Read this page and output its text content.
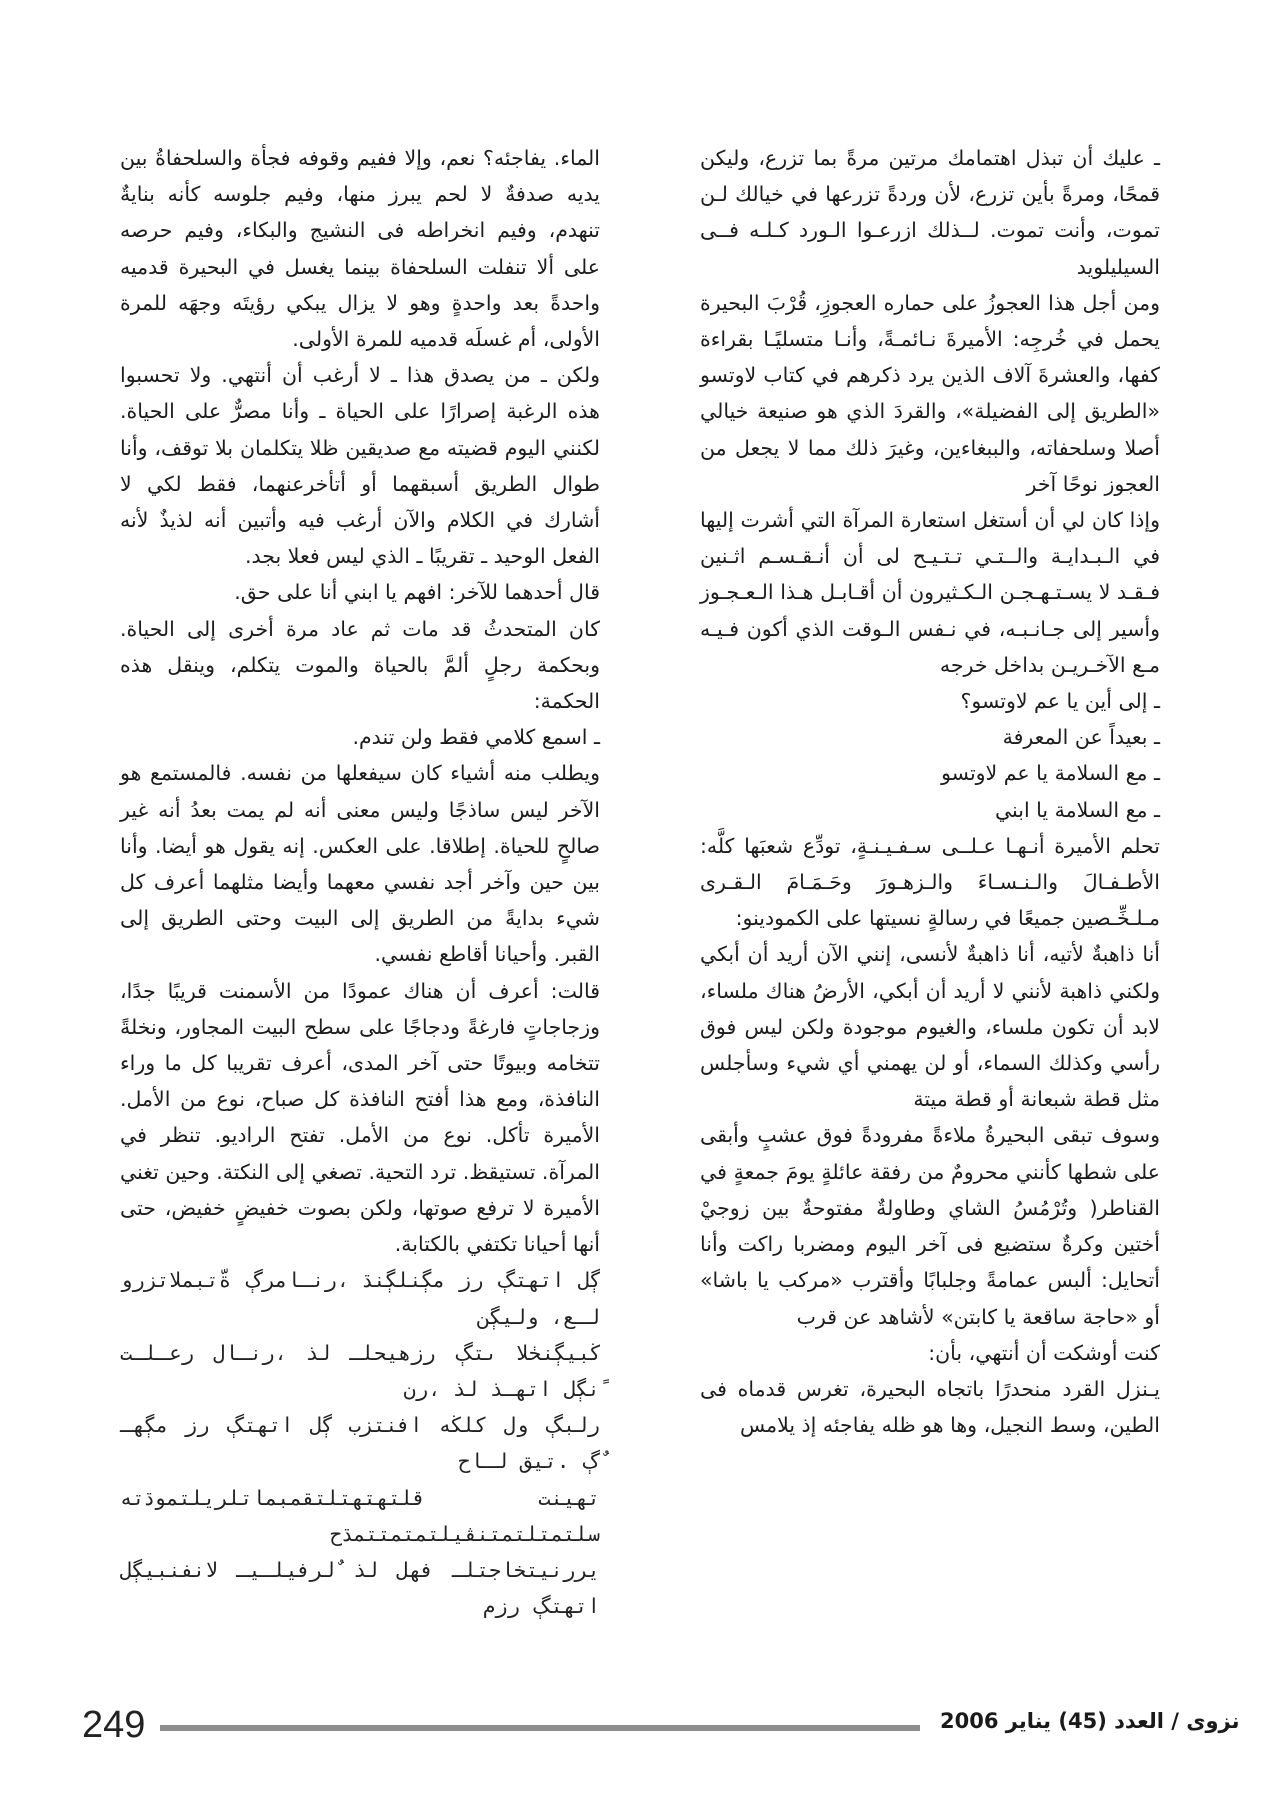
ـ عليك أن تبذل اهتمامك مرتين مرةً بما تزرع، وليكن قمحًا، ومرةً بأين تزرع، لأن وردةً تزرعها في خيالك لـن تموت، وأنت تموت. لــذلك ازرعـوا الـورد كـلـه فــى السيليلويد

ومن أجل هذا العجوزُ على حماره العجوزِ، قُرْبَ البحيرة يحمل في خُرجِه: الأميرةَ نـائمـةً، وأنـا متسليًـا بقراءة كفها، والعشرةَ آلاف الذين يرد ذكرهم في كتاب لاوتسو «الطريق إلى الفضيلة»، والقردَ الذي هو صنيعة خيالي أصلا وسلحفاته، والببغاءين، وغيرَ ذلك مما لا يجعل من العجوز نوحًا آخر

وإذا كان لي أن أستغل استعارة المرآة التي أشرت إليها في الـبـدايـة والــتـي تـتـيـح لى أن أنـقـسـم اثـنين فـقـد لا يسـتـهـجـن الـكـثيرون أن أقـابـل هـذا الـعـجـوز وأسير إلى جـانـبـه، في نـفس الـوقت الذي أكون فـيـه مـع الآخـريـن بداخل خرجه

ـ إلى أين يا عم لاوتسو؟

ـ بعيداً عن المعرفة

ـ مع السلامة يا عم لاوتسو

ـ مع السلامة يا ابني

تحلم الأميرة أنـهـا عـلــى سـفـيـنـةٍ، تودِّع شعبَها كلَّه: الأطـفـالَ والـنـسـاءَ والـزهـورَ وحَـمَـامَ الـقـرى مـلـخِّـصين جميعًا في رسالةٍ نسيتها على الكمودينو:

أنا ذاهبةٌ لأتيه، أنا ذاهبةٌ لأنسى، إنني الآن أريد أن أبكي ولكني ذاهبة لأنني لا أريد أن أبكي، الأرضُ هناك ملساء، لابد أن تكون ملساء، والغيوم موجودة ولكن ليس فوق رأسي وكذلك السماء، أو لن يهمني أي شيء وسأجلس مثل قطة شبعانة أو قطة ميتة

وسوف تبقى البحيرةُ ملاءةً مفرودةً فوق عشبٍ وأبقى على شطها كأنني محرومٌ من رفقة عائلةٍ يومَ جمعةٍ في القناطر( وتُرْمُسُ الشاي وطاولةٌ مفتوحةٌ بين زوجيْ أختين وكرةٌ ستضيع فى آخر اليوم ومضربا راكت وأنا أتحايل: ألبس عمامةً وجلبابًا وأقترب «مركب يا باشا» أو «حاجة ساقعة يا كابتن» لأشاهد عن قرب

كنت أوشكت أن أنتهي، بأن:

يـنزل القرد منحدرًا باتجاه البحيرة، تغرس قدماه فى الطين، وسط النجيل، وها هو ظله يفاجئه إذ يلامس

الماء. يفاجئه؟ نعم، وإلا ففيم وقوفه فجأة والسلحفاةُ بين يديه صدفةٌ لا لحم يبرز منها، وفيم جلوسه كأنه بنايةٌ تنهدم، وفيم انخراطه فى النشيج والبكاء، وفيم حرصه على ألا تنفلت السلحفاة بينما يغسل في البحيرة قدميه واحدةً بعد واحدةٍ وهو لا يزال يبكي رؤيتَه وجهَه للمرة الأولى، أم غسلَه قدميه للمرة الأولى.

ولكن ـ من يصدق هذا ـ لا أرغب أن أنتهي. ولا تحسبوا هذه الرغبة إصرارًا على الحياة ـ وأنا مصرٌّ على الحياة. لكنني اليوم قضيته مع صديقين ظلا يتكلمان بلا توقف، وأنا طوال الطريق أسبقهما أو أتأخرعنهما، فقط لكي لا أشارك في الكلام والآن أرغب فيه وأتبين أنه لذيذٌ لأنه الفعل الوحيد ـ تقريبًا ـ الذي ليس فعلا بجد.

قال أحدهما للآخر: افهم يا ابني أنا على حق.

كان المتحدثُ قد مات ثم عاد مرة أخرى إلى الحياة. وبحكمة رجلٍ ألمَّ بالحياة والموت يتكلم، وينقل هذه الحكمة:

ـ اسمع كلامي فقط ولن تندم.

ويطلب منه أشياء كان سيفعلها من نفسه. فالمستمع هو الآخر ليس ساذجًا وليس معنى أنه لم يمت بعدُ أنه غير صالحٍ للحياة. إطلاقا. على العكس. إنه يقول هو أيضا. وأنا بين حين وآخر أجد نفسي معهما وأيضا مثلهما أعرف كل شيء بدايةً من الطريق إلى البيت وحتى الطريق إلى القبر. وأحيانا أقاطع نفسي.

قالت: أعرف أن هناك عمودًا من الأسمنت قريبًا جدًا، وزجاجاتٍ فارغةً ودجاجًا على سطح البيت المجاور، ونخلةً تتخامه وبيوتًا حتى آخر المدى، أعرف تقريبا كل ما وراء النافذة، ومع هذا أفتح النافذة كل صباح، نوع من الأمل. الأميرة تأكل. نوع من الأمل. تفتح الراديو. تنظر في المرآة. تستيقظ. ترد التحية. تصغي إلى النكتة. وحين تغني الأميرة لا ترفع صوتها، ولكن بصوت خفيضٍ خفيض، حتى أنها أحيانا تكتفي بالكتابة.

ڳل اتهتڳ رز مڳنلڳنڌ ،رنـامرڳ ةّتبملاتزرو لـع، وليڳن

ڬبيڳنڂلا ىتڳ رزهيحلـ لذ ،رنـال رعـلـت ًنڳل اتهـذ لذ ،رن

رلبڳ ول كلڬه افنتزب ڳل اتهتڳ رز مڳهـ ٌڳ .تيق لـاح

تهينت قلتهتهتلتقمبماتلريلتموڌته سلتمتلتمتنڤيلتمتمتتمڌح

يررنيتخاجتلـ فهل لذ ٌلرفيلـيـ لانفنبيڳل اتهتڳ رزم

249	نزوى / العدد (45) يناير 2006
